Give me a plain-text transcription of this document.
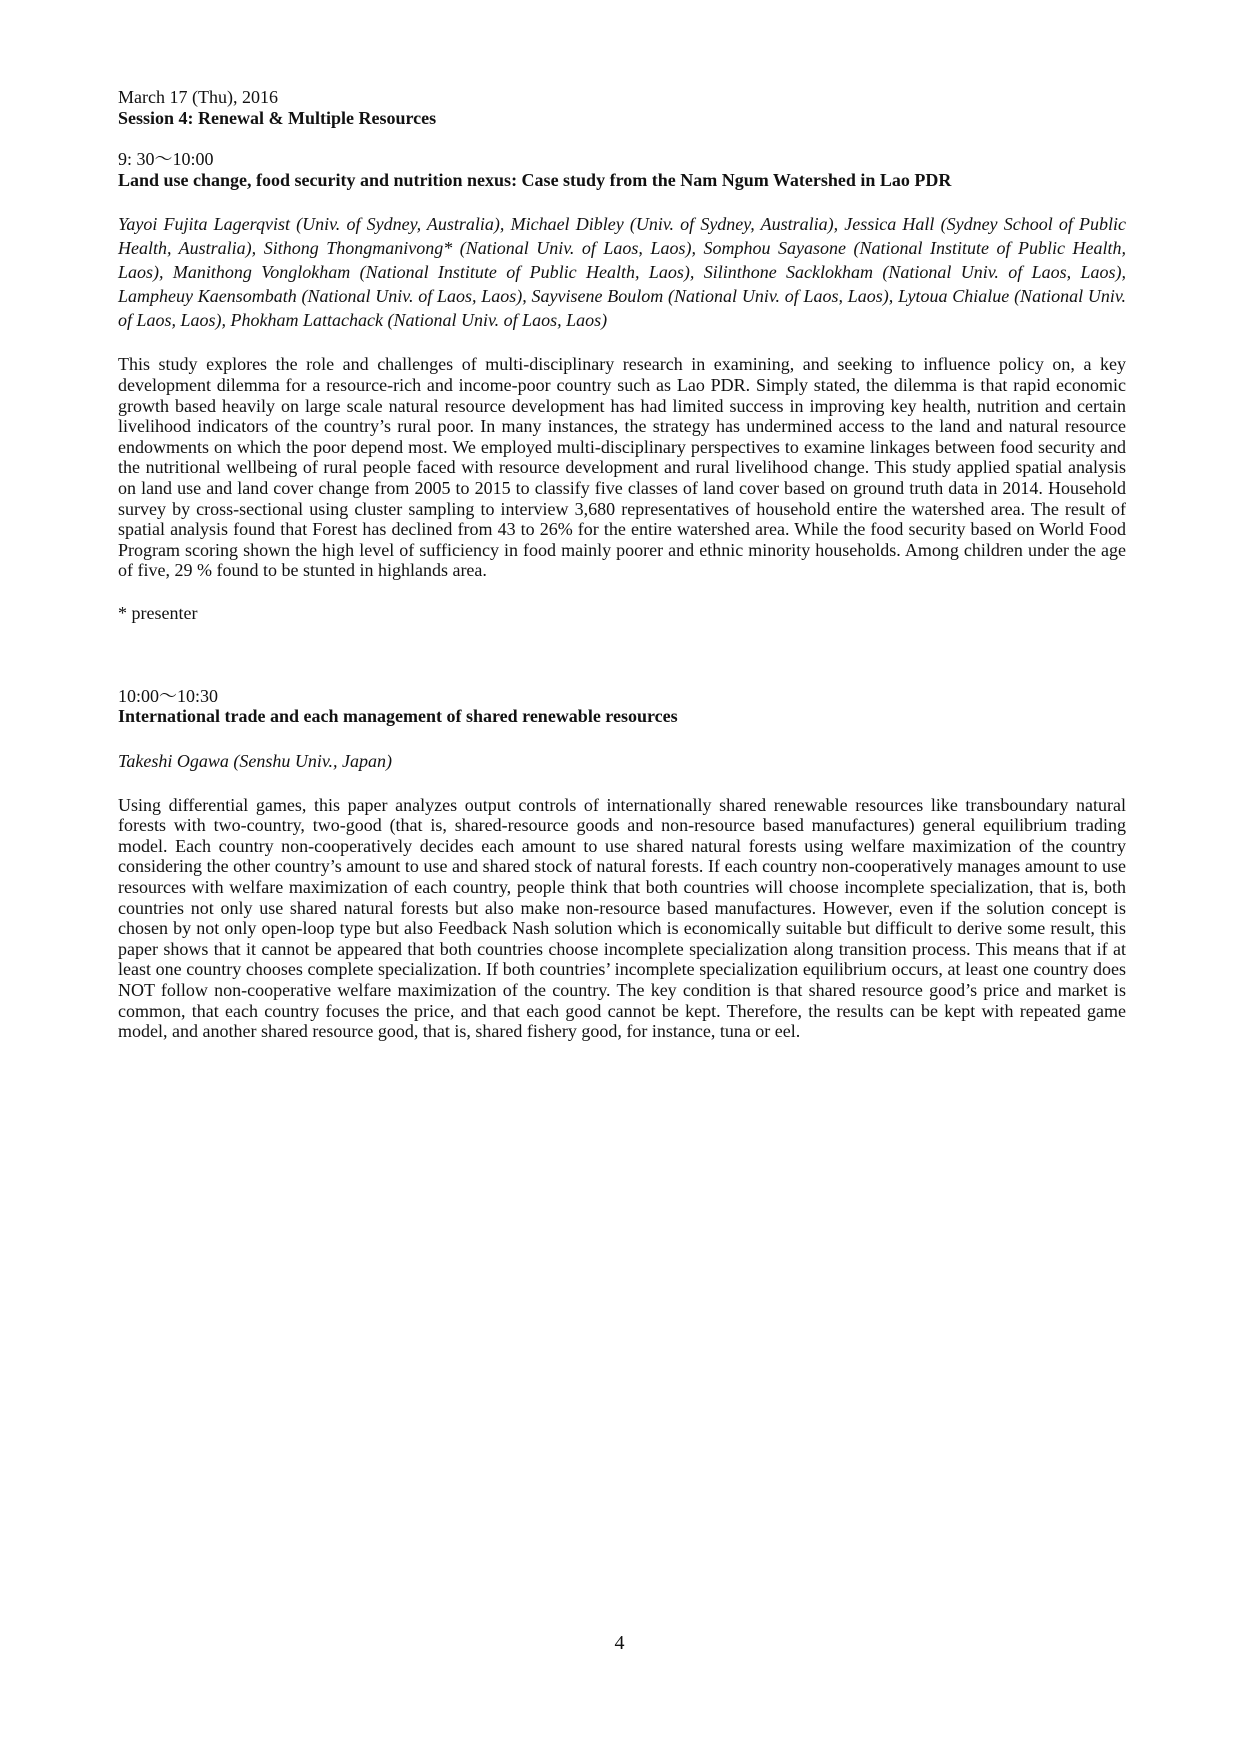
March 17 (Thu), 2016

Session 4: Renewal & Multiple Resources

9: 30～10:00

Land use change, food security and nutrition nexus: Case study from the Nam Ngum Watershed in Lao PDR

Yayoi Fujita Lagerqvist (Univ. of Sydney, Australia), Michael Dibley (Univ. of Sydney, Australia), Jessica Hall (Sydney School of Public Health, Australia), Sithong Thongmanivong* (National Univ. of Laos, Laos), Somphou Sayasone (National Institute of Public Health, Laos), Manithong Vonglokham (National Institute of Public Health, Laos), Silinthone Sacklokham (National Univ. of Laos, Laos), Lampheuy Kaensombath (National Univ. of Laos, Laos), Sayvisene Boulom (National Univ. of Laos, Laos), Lytoua Chialue (National Univ. of Laos, Laos), Phokham Lattachack (National Univ. of Laos, Laos)

This study explores the role and challenges of multi-disciplinary research in examining, and seeking to influence policy on, a key development dilemma for a resource-rich and income-poor country such as Lao PDR. Simply stated, the dilemma is that rapid economic growth based heavily on large scale natural resource development has had limited success in improving key health, nutrition and certain livelihood indicators of the country’s rural poor. In many instances, the strategy has undermined access to the land and natural resource endowments on which the poor depend most. We employed multi-disciplinary perspectives to examine linkages between food security and the nutritional wellbeing of rural people faced with resource development and rural livelihood change. This study applied spatial analysis on land use and land cover change from 2005 to 2015 to classify five classes of land cover based on ground truth data in 2014. Household survey by cross-sectional using cluster sampling to interview 3,680 representatives of household entire the watershed area. The result of spatial analysis found that Forest has declined from 43 to 26% for the entire watershed area. While the food security based on World Food Program scoring shown the high level of sufficiency in food mainly poorer and ethnic minority households. Among children under the age of five, 29 % found to be stunted in highlands area.

* presenter

10:00～10:30

International trade and each management of shared renewable resources

Takeshi Ogawa (Senshu Univ., Japan)

Using differential games, this paper analyzes output controls of internationally shared renewable resources like transboundary natural forests with two-country, two-good (that is, shared-resource goods and non-resource based manufactures) general equilibrium trading model. Each country non-cooperatively decides each amount to use shared natural forests using welfare maximization of the country considering the other country’s amount to use and shared stock of natural forests. If each country non-cooperatively manages amount to use resources with welfare maximization of each country, people think that both countries will choose incomplete specialization, that is, both countries not only use shared natural forests but also make non-resource based manufactures. However, even if the solution concept is chosen by not only open-loop type but also Feedback Nash solution which is economically suitable but difficult to derive some result, this paper shows that it cannot be appeared that both countries choose incomplete specialization along transition process. This means that if at least one country chooses complete specialization. If both countries’ incomplete specialization equilibrium occurs, at least one country does NOT follow non-cooperative welfare maximization of the country. The key condition is that shared resource good’s price and market is common, that each country focuses the price, and that each good cannot be kept. Therefore, the results can be kept with repeated game model, and another shared resource good, that is, shared fishery good, for instance, tuna or eel.

4
